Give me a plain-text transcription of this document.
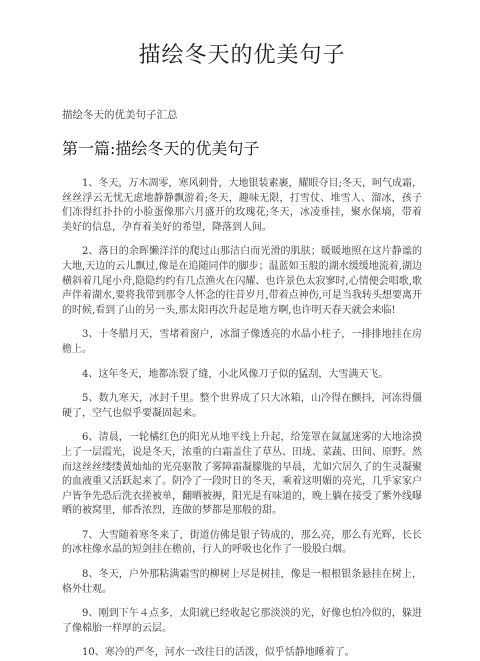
描绘冬天的优美句子
描绘冬天的优美句子汇总
第一篇:描绘冬天的优美句子

1、冬天，万木凋零，寒风刺骨，大地银装素裹，耀眼夺目;冬天，呵气成霜，丝丝浮云无忧无虑地静静飘游着;冬天，趣味无限，打雪仗、堆雪人、溜冰，孩子们冻得红扑扑的小脸蛋像那六月盛开的玫瑰花;冬天，冰凌垂挂，聚水保墒，带着美好的信息，孕育着美好的希望，降落到人间。

2、落日的余晖懒洋洋的爬过山那洁白而光滑的肌肤；暖暖地照在这片静谧的大地,天边的云儿飘过,像是在追随同伴的脚步；温蓝如玉般的湖水缓缓地流着,湖边横斜着几尾小舟,隐隐约约有几点渔火在闪耀、也许景色太寂寥时,心情便会唱歌,歌声伴着湖水,要将我带到那令人怀念的往昔岁月,带着点神伤,可是当我转头想要离开的时候,看到了山的另一头,那太阳再次升起是地方啊,也许明天春天就会来临!

3、十冬腊月天，雪堵着窗户，冰溜子像透亮的水晶小柱子，一排排地挂在房檐上。

4、这年冬天，地都冻裂了缝，小北风像刀子似的猛刮，大雪满天飞。

5、数九寒天，冰封千里。整个世界成了只大冰箱，山冷得在颤抖，河冻得僵硬了，空气也似乎要凝固起来。

6、清晨，一轮橘红色的阳光从地平线上升起，给笼罩在氤氲迷雾的大地涂摸上了一层霞光，说是冬天，浓重的白霜盖住了草丛、田垅、菜蔬、田间、原野。然而这丝丝缕缕黄灿灿的光亮驱散了雾障霜凝朦胧的早晨，尤如穴居久了的生灵凝聚的血液重又活跃起来了。阴冷了一段时日的冬天，乘着这明媚的亮光，几乎家家户户皆争先恐后洗衣搓被单，翻晒被褥，阳光是有味道的，晚上躺在接受了紫外线曝晒的被窝里，郁香浓烈，连做的梦都是那般的甜。

7、大雪随着寒冬来了，街道仿佛是银子铸成的，那么亮，那么有光辉，长长的冰柱像水晶的短剑挂在檐前，行人的呼吸也化作了一股股白烟。

8、冬天，户外那粘满霜雪的柳树上尽是树挂，像是一根根银条悬挂在树上，格外壮观。

9、刚到下午４点多，太阳就已经收起它那淡淡的光，好像也怕冷似的，躲进了像棉胎一样厚的云层。

10、寒冷的严冬，河水一改往日的活泼，似乎恬静地睡着了。
